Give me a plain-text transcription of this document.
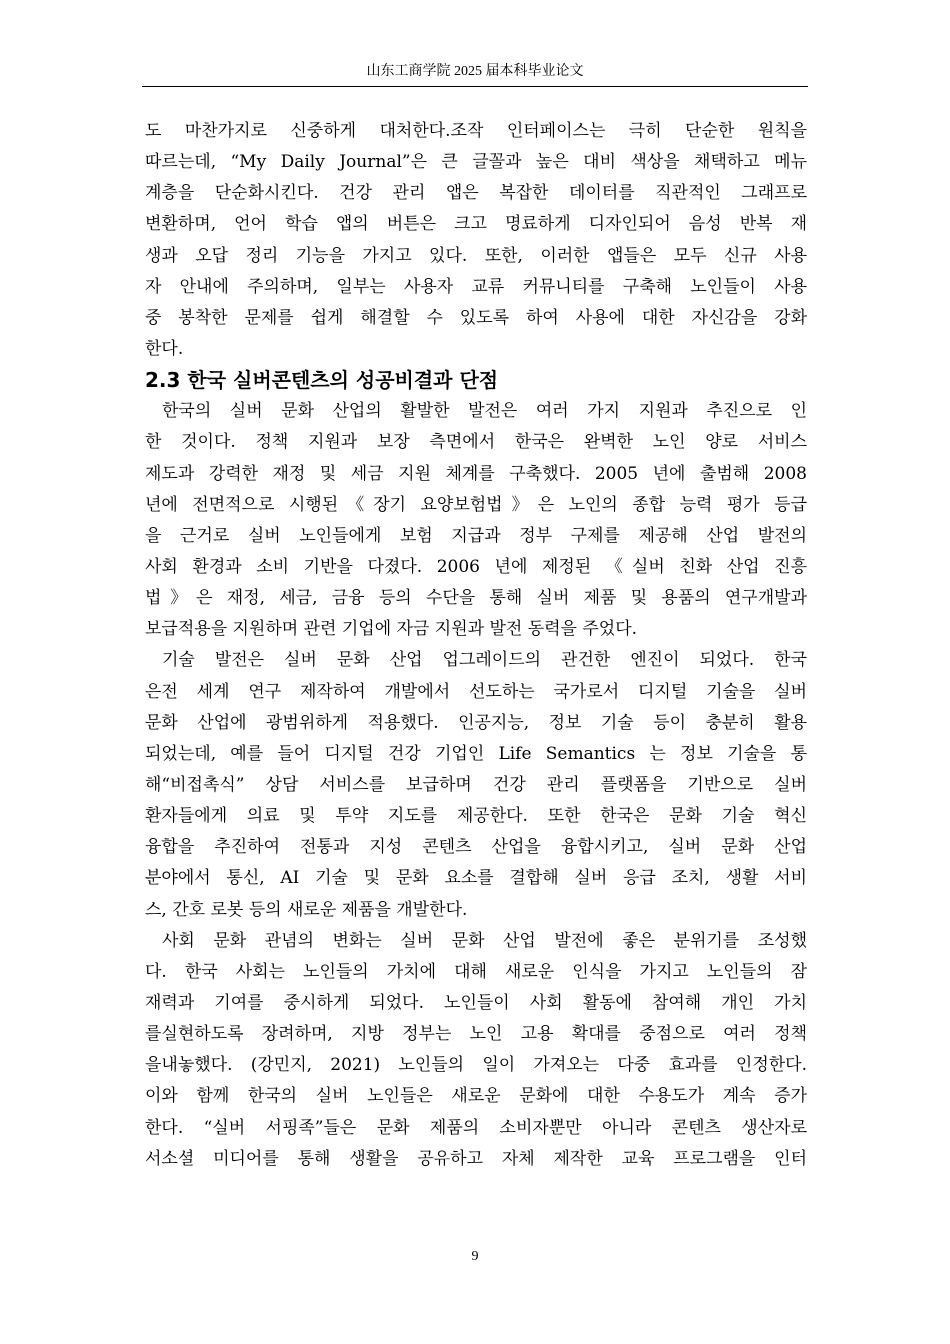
山东工商学院 2025 届本科毕业论文
도 마찬가지로 신중하게 대처한다.조작 인터페이스는 극히 단순한 원칙을
따르는데, “My Daily Journal”은 큰 글꼴과 높은 대비 색상을 채택하고 메뉴
계층을 단순화시킨다. 건강 관리 앱은 복잡한 데이터를 직관적인 그래프로
변환하며, 언어 학습 앱의 버튼은 크고 명료하게 디자인되어 음성 반복 재
생과 오답 정리 기능을 가지고 있다. 또한, 이러한 앱들은 모두 신규 사용
자 안내에 주의하며, 일부는 사용자 교류 커뮤니티를 구축해 노인들이 사용
중 봉착한 문제를 쉽게 해결할 수 있도록 하여 사용에 대한 자신감을 강화
한다.
2.3 한국 실버콘텐츠의 성공비결과 단점
한국의 실버 문화 산업의 활발한 발전은 여러 가지 지원과 추진으로 인
한 것이다. 정책 지원과 보장 측면에서 한국은 완벽한 노인 양로 서비스
제도과 강력한 재정 및 세금 지원 체계를 구축했다. 2005 년에 출범해 2008
년에 전면적으로 시행된《장기 요양보험법》은 노인의 종합 능력 평가 등급
을 근거로 실버 노인들에게 보험 지급과 정부 구제를 제공해 산업 발전의
사회 환경과 소비 기반을 다졌다. 2006 년에 제정된 《실버 친화 산업 진흥
법》은 재정, 세금, 금융 등의 수단을 통해 실버 제품 및 용품의 연구개발과
보급적용을 지원하며 관련 기업에 자금 지원과 발전 동력을 주었다.
기술 발전은 실버 문화 산업 업그레이드의 관건한 엔진이 되었다. 한국
은전 세계 연구 제작하여 개발에서 선도하는 국가로서 디지털 기술을 실버
문화 산업에 광범위하게 적용했다. 인공지능, 정보 기술 등이 충분히 활용
되었는데, 예를 들어 디지털 건강 기업인 Life Semantics 는 정보 기술을 통
해“비접촉식” 상담 서비스를 보급하며 건강 관리 플랫폼을 기반으로 실버
환자들에게 의료 및 투약 지도를 제공한다. 또한 한국은 문화 기술 혁신
융합을 추진하여 전통과 지성 콘텐츠 산업을 융합시키고, 실버 문화 산업
분야에서 통신, AI 기술 및 문화 요소를 결합해 실버 응급 조치, 생활 서비
스, 간호 로봇 등의 새로운 제품을 개발한다.
사회 문화 관념의 변화는 실버 문화 산업 발전에 좋은 분위기를 조성했
다. 한국 사회는 노인들의 가치에 대해 새로운 인식을 가지고 노인들의 잠
재력과 기여를 중시하게 되었다. 노인들이 사회 활동에 참여해 개인 가치
를실현하도록 장려하며, 지방 정부는 노인 고용 확대를 중점으로 여러 정책
을내놓했다. (강민지, 2021) 노인들의 일이 가져오는 다중 효과를 인정한다.
이와 함께 한국의 실버 노인들은 새로운 문화에 대한 수용도가 계속 증가
한다. “실버 서핑족”들은 문화 제품의 소비자뿐만 아니라 콘텐츠 생산자로
서소셜 미디어를 통해 생활을 공유하고 자체 제작한 교육 프로그램을 인터
9
